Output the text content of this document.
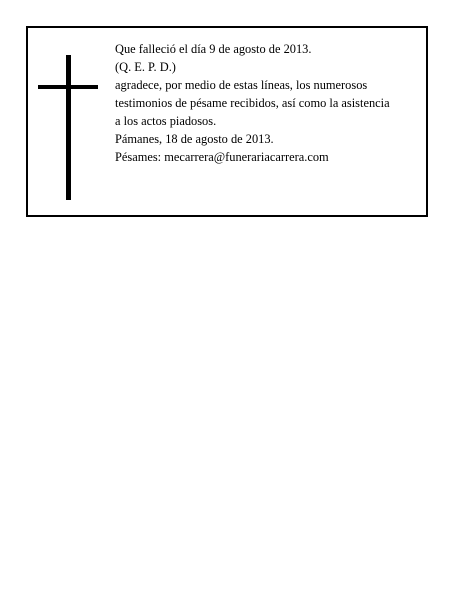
Que falleció el día 9 de agosto de 2013.
(Q. E. P. D.)
agradece, por medio de estas líneas, los numerosos
testimonios de pésame recibidos, así como la asistencia
a los actos piadosos.
Pámanes, 18 de agosto de 2013.
Pésames: mecarrera@funerariacarrera.com
